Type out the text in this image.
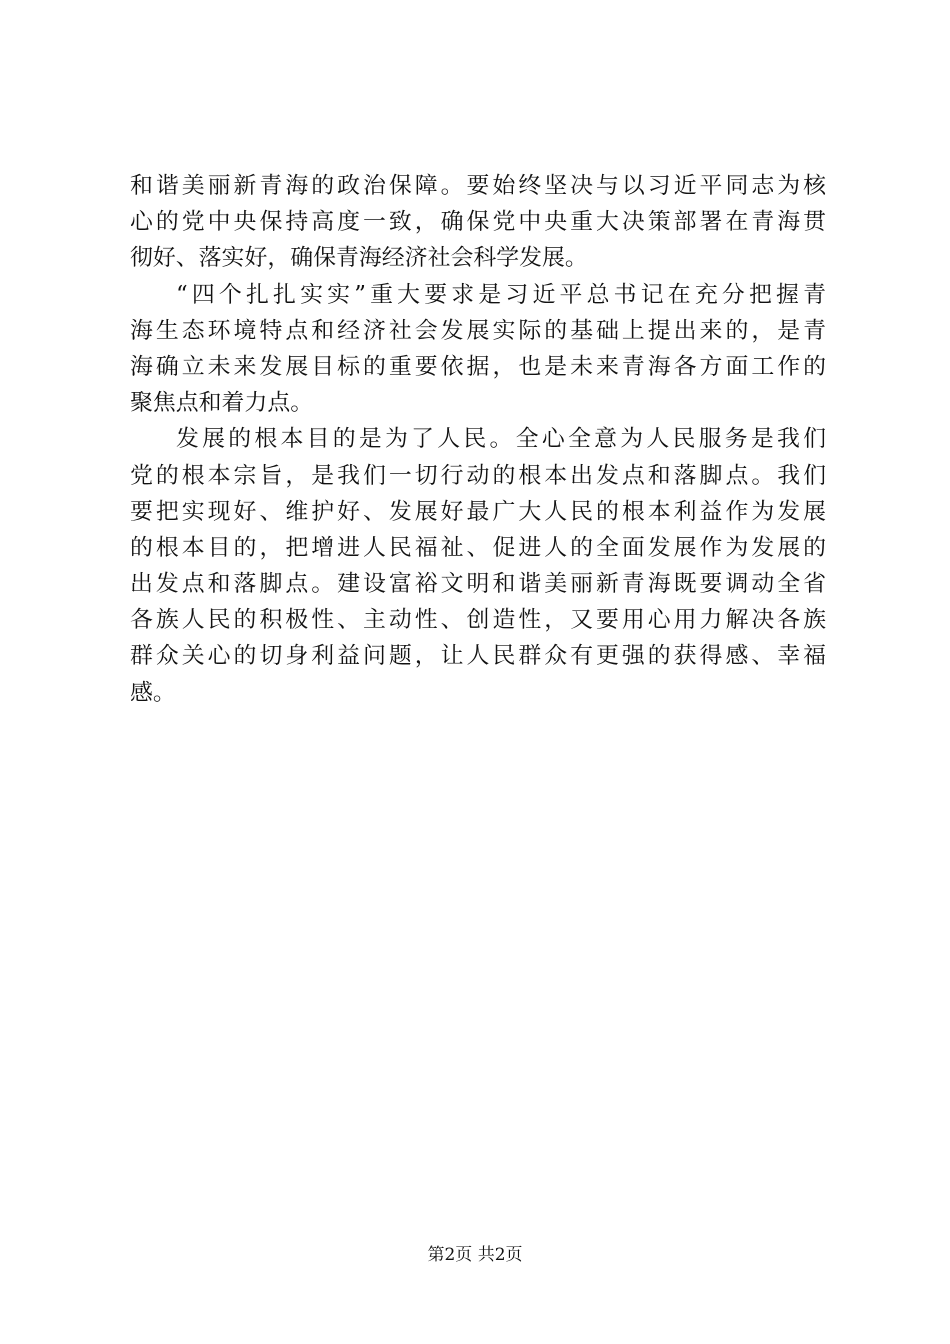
和谐美丽新青海的政治保障。要始终坚决与以习近平同志为核
心的党中央保持高度一致，确保党中央重大决策部署在青海贯
彻好、落实好，确保青海经济社会科学发展。
“四个扎扎实实”重大要求是习近平总书记在充分把握青
海生态环境特点和经济社会发展实际的基础上提出来的，是青
海确立未来发展目标的重要依据，也是未来青海各方面工作的
聚焦点和着力点。
发展的根本目的是为了人民。全心全意为人民服务是我们
党的根本宗旨，是我们一切行动的根本出发点和落脚点。我们
要把实现好、维护好、发展好最广大人民的根本利益作为发展
的根本目的，把增进人民福祉、促进人的全面发展作为发展的
出发点和落脚点。建设富裕文明和谐美丽新青海既要调动全省
各族人民的积极性、主动性、创造性，又要用心用力解决各族
群众关心的切身利益问题，让人民群众有更强的获得感、幸福
感。
第2页 共2页
